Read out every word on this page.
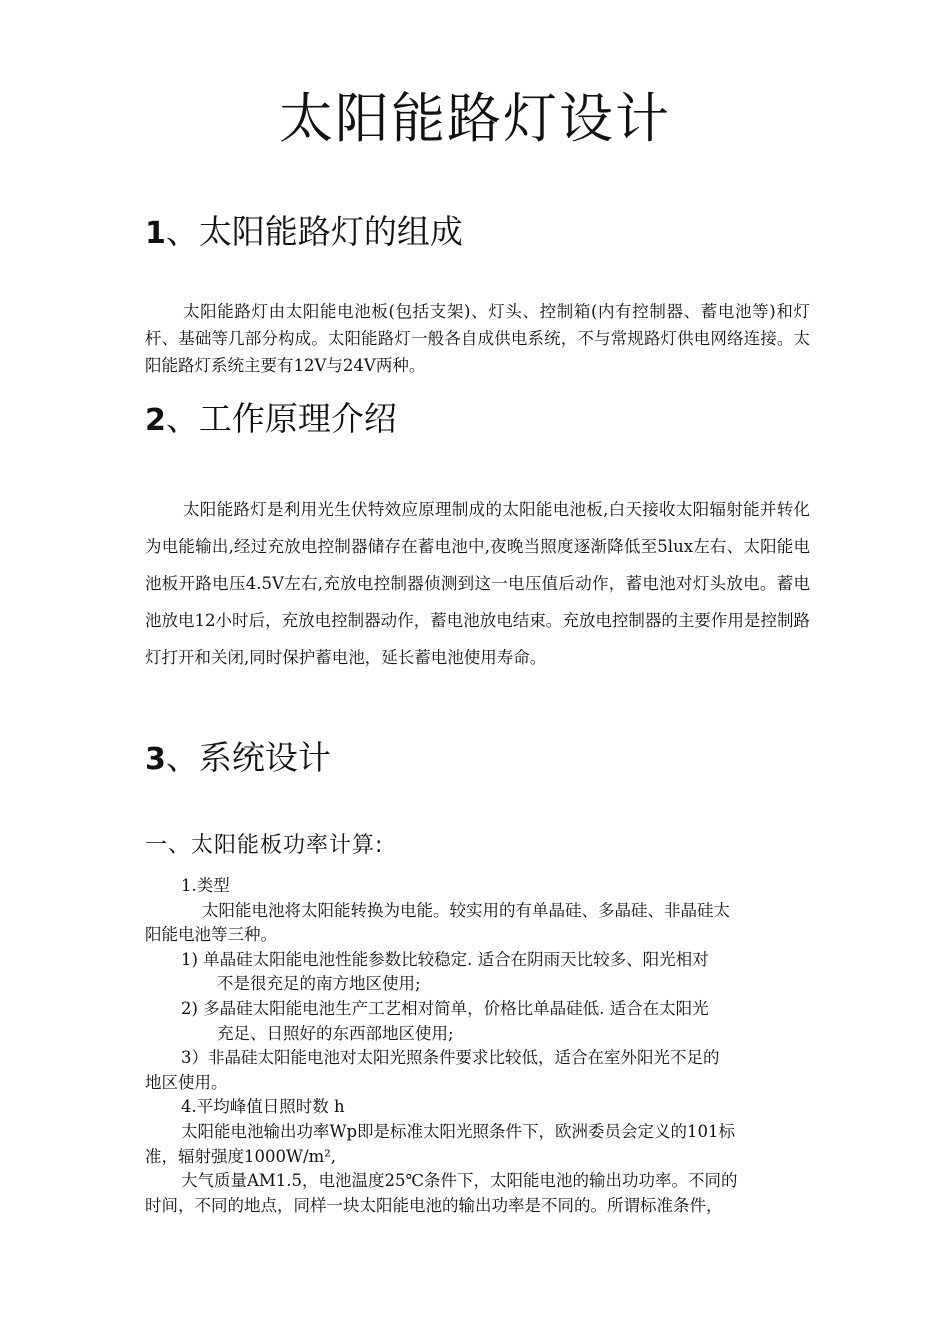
太阳能路灯设计
1、太阳能路灯的组成

太阳能路灯由太阳能电池板(包括支架)、灯头、控制箱(内有控制器、蓄电池等)和灯杆、基础等几部分构成。太阳能路灯一般各自成供电系统，不与常规路灯供电网络连接。太阳能路灯系统主要有12V与24V两种。

2、工作原理介绍

太阳能路灯是利用光生伏特效应原理制成的太阳能电池板,白天接收太阳辐射能并转化为电能输出,经过充放电控制器储存在蓄电池中,夜晚当照度逐渐降低至5lux左右、太阳能电池板开路电压4.5V左右,充放电控制器侦测到这一电压值后动作，蓄电池对灯头放电。蓄电池放电12小时后，充放电控制器动作，蓄电池放电结束。充放电控制器的主要作用是控制路灯打开和关闭,同时保护蓄电池，延长蓄电池使用寿命。

3、系统设计
一、太阳能板功率计算:
1.类型
太阳能电池将太阳能转换为电能。较实用的有单晶硅、多晶硅、非晶硅太
阳能电池等三种。
1) 单晶硅太阳能电池性能参数比较稳定. 适合在阴雨天比较多、阳光相对
不是很充足的南方地区使用;
2) 多晶硅太阳能电池生产工艺相对简单，价格比单晶硅低. 适合在太阳光
充足、日照好的东西部地区使用;
3）非晶硅太阳能电池对太阳光照条件要求比较低，适合在室外阳光不足的
地区使用。
4.平均峰值日照时数 h
太阳能电池输出功率Wp即是标准太阳光照条件下，欧洲委员会定义的101标
准，辐射强度1000W/m²,
大气质量AM1.5，电池温度25℃条件下，太阳能电池的输出功功率。不同的
时间，不同的地点，同样一块太阳能电池的输出功率是不同的。所谓标准条件，
